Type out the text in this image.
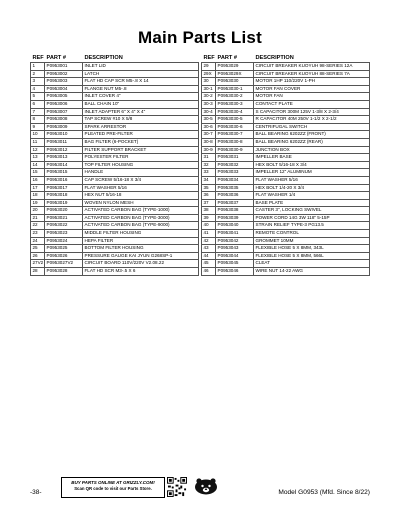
Main Parts List
REF	PART #	DESCRIPTION
1	P0953001	INLET LID
2	P0953002	LATCH
3	P0953003	FLAT HD CAP SCR M5-.8 X 14
4	P0953004	FLANGE NUT M5-.8
5	P0953005	INLET COVER 4"
6	P0953006	BALL CHAIN 10"
7	P0953007	INLET ADAPTER 6" X 4" X 4"
8	P0953008	TAP SCREW #10 X 5/8
9	P0953009	SPARK ARRESTOR
10	P0953010	PLEATED PRE-FILTER
11	P0953011	BAG FILTER (6-POCKET)
12	P0953012	FILTER SUPPORT BRACKET
13	P0953013	POLYESTER FILTER
14	P0953014	TOP FILTER HOUSING
15	P0953015	HANDLE
16	P0953016	CAP SCREW 5/16-18 X 3/4
17	P0953017	FLAT WASHER 5/16
18	P0953018	HEX NUT 5/16-18
19	P0953019	WOVEN NYLON MESH
20	P0953020	ACTIVATED CARBON BAG (TYPE-1000)
21	P0953021	ACTIVATED CARBON BAG (TYPE-3000)
22	P0953022	ACTIVATED CARBON BAG (TYPE-9000)
23	P0953023	MIDDLE FILTER HOUSING
24	P0953024	HEPA FILTER
25	P0953025	BOTTOM FILTER HOUSING
26	P0953026	PRESSURE GAUGE KAI JYUN G268SP-1
27V2	P0953027V2	CIRCUIT BOARD 110V/220V V2.08.22
28	P0953028	FLAT HD SCR M3-.5 X 6
REF	PART #	DESCRIPTION
29	P0953029	CIRCUIT BREAKER KUOYUH 98-SERIES 12A
29X	P0953029X	CIRCUIT BREAKER KUOYUH 88-SERIES 7A
30	P0953030	MOTOR 1HP 110/220V 1-PH
30-1	P0953030-1	MOTOR FAN COVER
30-2	P0953030-2	MOTOR FAN
30-3	P0953030-3	CONTACT PLATE
30-4	P0953030-4	S CAPACITOR 300M 125V 1-3/8 X 2-3/4
30-5	P0953030-5	R CAPACITOR 40M 250V 1-1/2 X 2-1/2
30-6	P0953030-6	CENTRIFUGAL SWITCH
30-7	P0953030-7	BALL BEARING 6202ZZ (FRONT)
30-8	P0953030-8	BALL BEARING 6202ZZ (REAR)
30-9	P0953030-9	JUNCTION BOX
31	P0953031	IMPELLER BASE
32	P0953032	HEX BOLT 5/16-18 X 3/4
33	P0953033	IMPELLER 12" ALUMINUM
34	P0953034	FLAT WASHER 5/16
35	P0953035	HEX BOLT 1/4-20 X 3/4
36	P0953036	FLAT WASHER 1/4
37	P0953037	BASE PLATE
38	P0953038	CASTER 3", LOCKING SWIVEL
39	P0953039	POWER CORD 14G 3W 118" 5-15P
40	P0953040	STRAIN RELIEF TYPE-3 PG13.5
41	P0953041	REMOTE CONTROL
42	P0953042	GROMMET 10MM
43	P0953043	FLEXIBLE HOSE 5 X 8MM, 343L
44	P0953044	FLEXIBLE HOSE 5 X 8MM, 566L
45	P0953045	CLEAT
46	P0953046	WIRE NUT 14-22 AWG
-38-
BUY PARTS ONLINE AT GRIZZLY.COM!
Scan QR code to visit our Parts Store.
Model G0953 (Mfd. Since 8/22)
